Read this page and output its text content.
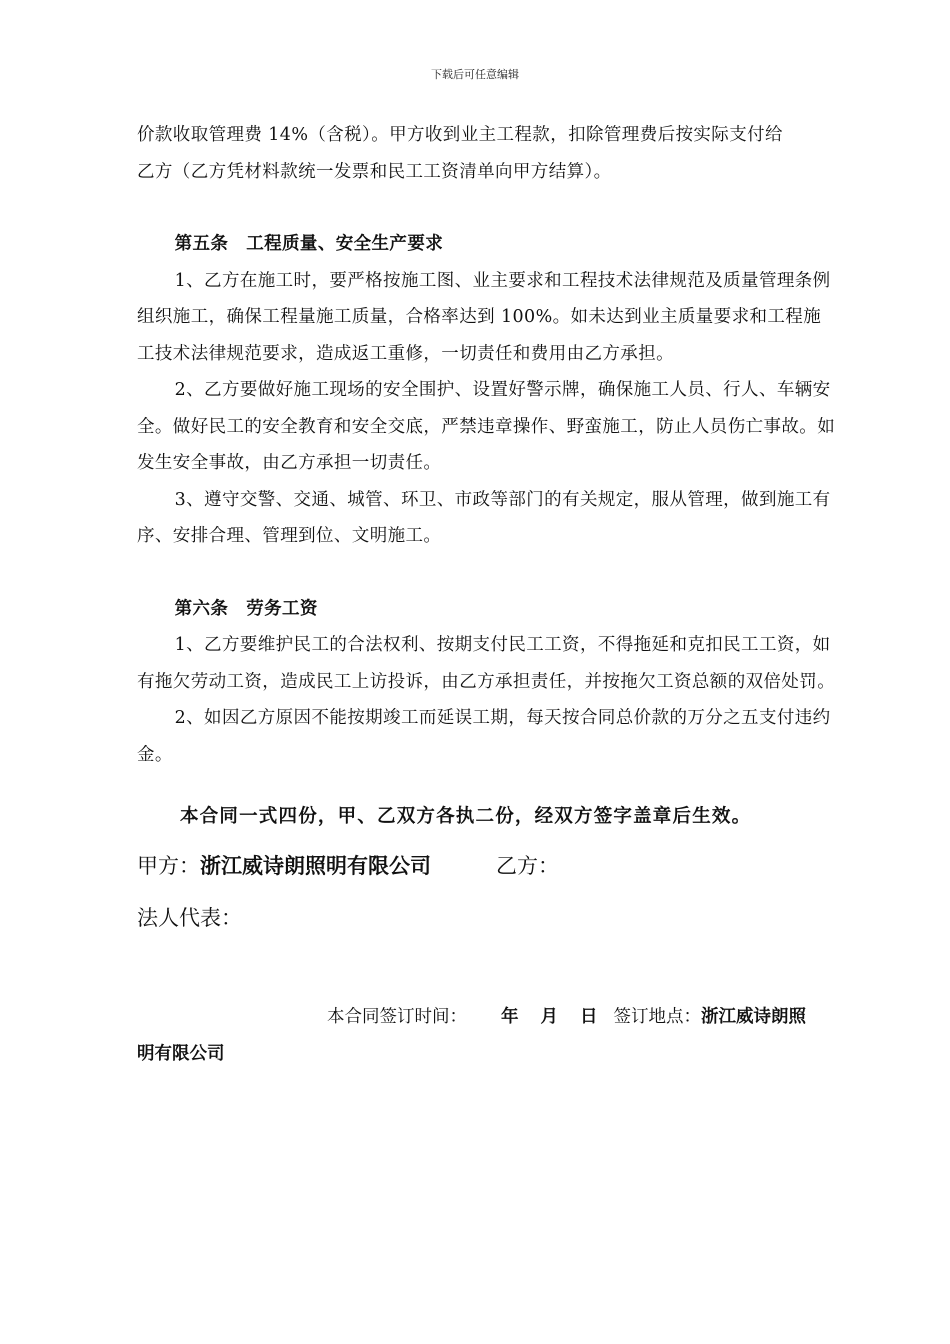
下载后可任意编辑

价款收取管理费 14%（含税）。甲方收到业主工程款，扣除管理费后按实际支付给

乙方（乙方凭材料款统一发票和民工工资清单向甲方结算）。

第五条　工程质量、安全生产要求

1、乙方在施工时，要严格按施工图、业主要求和工程技术法律规范及质量管理条例组织施工，确保工程量施工质量，合格率达到 100%。如未达到业主质量要求和工程施工技术法律规范要求，造成返工重修，一切责任和费用由乙方承担。

2、乙方要做好施工现场的安全围护、设置好警示牌，确保施工人员、行人、车辆安全。做好民工的安全教育和安全交底，严禁违章操作、野蛮施工，防止人员伤亡事故。如发生安全事故，由乙方承担一切责任。

3、遵守交警、交通、城管、环卫、市政等部门的有关规定，服从管理，做到施工有序、安排合理、管理到位、文明施工。

第六条　劳务工资

1、乙方要维护民工的合法权利、按期支付民工工资，不得拖延和克扣民工工资，如有拖欠劳动工资，造成民工上访投诉，由乙方承担责任，并按拖欠工资总额的双倍处罚。

2、如因乙方原因不能按期竣工而延误工期，每天按合同总价款的万分之五支付违约金。

本合同一式四份，甲、乙双方各执二份，经双方签字盖章后生效。
甲方：浙江威诗朗照明有限公司	乙方：
法人代表：
本合同签订时间： 年 月 日 签订地点：浙江威诗朗照
明有限公司
